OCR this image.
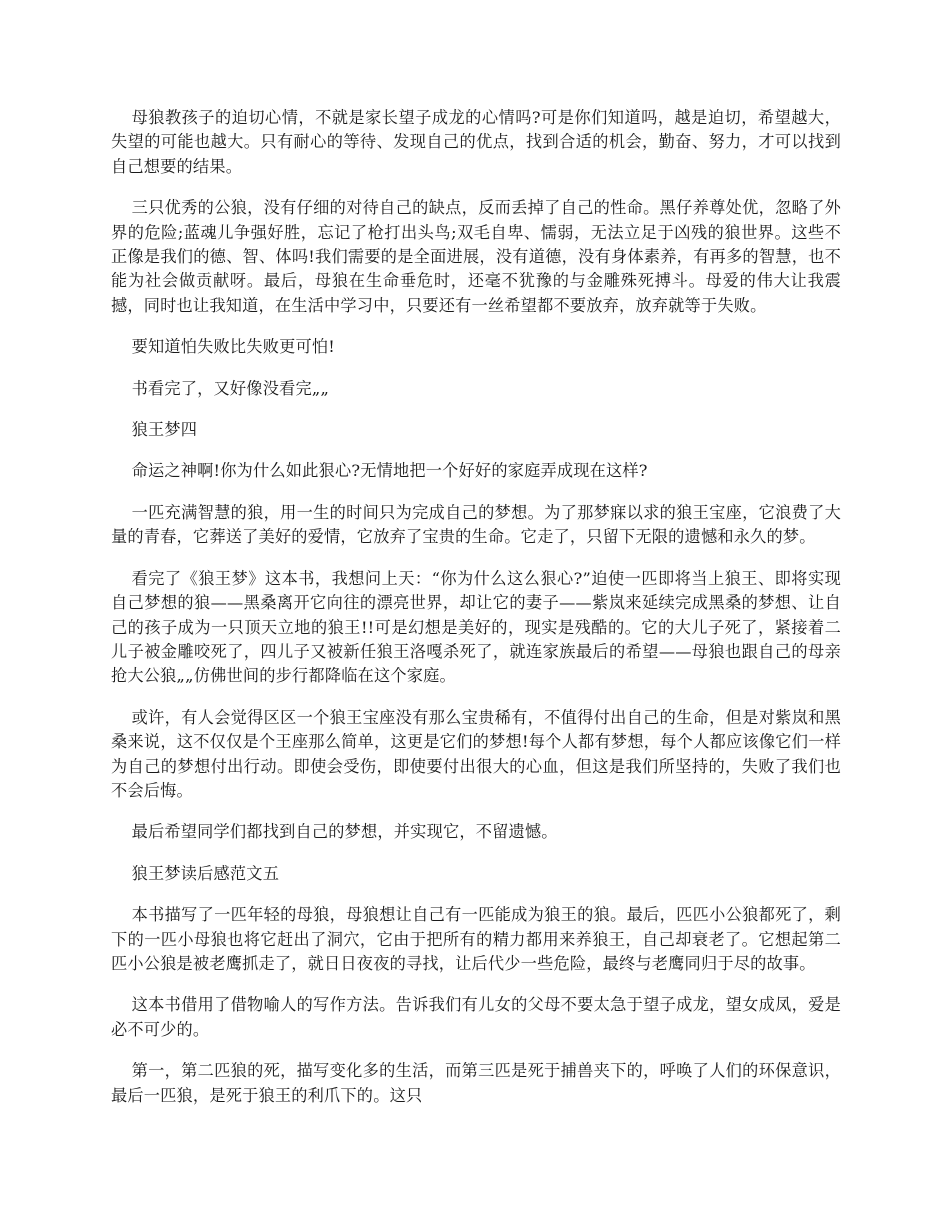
母狼教孩子的迫切心情，不就是家长望子成龙的心情吗?可是你们知道吗，越是迫切，希望越大，失望的可能也越大。只有耐心的等待、发现自己的优点，找到合适的机会，勤奋、努力，才可以找到自己想要的结果。

三只优秀的公狼，没有仔细的对待自己的缺点，反而丢掉了自己的性命。黑仔养尊处优，忽略了外界的危险;蓝魂儿争强好胜，忘记了枪打出头鸟;双毛自卑、懦弱，无法立足于凶残的狼世界。这些不正像是我们的德、智、体吗!我们需要的是全面进展，没有道德，没有身体素养，有再多的智慧，也不能为社会做贡献呀。最后，母狼在生命垂危时，还毫不犹豫的与金雕殊死搏斗。母爱的伟大让我震撼，同时也让我知道，在生活中学习中，只要还有一丝希望都不要放弃，放弃就等于失败。

要知道怕失败比失败更可怕!

书看完了，又好像没看完„„

狼王梦四

命运之神啊!你为什么如此狠心?无情地把一个好好的家庭弄成现在这样?

一匹充满智慧的狼，用一生的时间只为完成自己的梦想。为了那梦寐以求的狼王宝座，它浪费了大量的青春，它葬送了美好的爱情，它放弃了宝贵的生命。它走了，只留下无限的遗憾和永久的梦。

看完了《狼王梦》这本书，我想问上天：“你为什么这么狠心?”迫使一匹即将当上狼王、即将实现自己梦想的狼——黑桑离开它向往的漂亮世界，却让它的妻子——紫岚来延续完成黑桑的梦想、让自己的孩子成为一只顶天立地的狼王!!可是幻想是美好的，现实是残酷的。它的大儿子死了，紧接着二儿子被金雕咬死了，四儿子又被新任狼王洛嘎杀死了，就连家族最后的希望——母狼也跟自己的母亲抢大公狼„„仿佛世间的步行都降临在这个家庭。

或许，有人会觉得区区一个狼王宝座没有那么宝贵稀有，不值得付出自己的生命，但是对紫岚和黑桑来说，这不仅仅是个王座那么简单，这更是它们的梦想!每个人都有梦想，每个人都应该像它们一样为自己的梦想付出行动。即使会受伤，即使要付出很大的心血，但这是我们所坚持的，失败了我们也不会后悔。

最后希望同学们都找到自己的梦想，并实现它，不留遗憾。

狼王梦读后感范文五

本书描写了一匹年轻的母狼，母狼想让自己有一匹能成为狼王的狼。最后，匹匹小公狼都死了，剩下的一匹小母狼也将它赶出了洞穴，它由于把所有的精力都用来养狼王，自己却衰老了。它想起第二匹小公狼是被老鹰抓走了，就日日夜夜的寻找，让后代少一些危险，最终与老鹰同归于尽的故事。

这本书借用了借物喻人的写作方法。告诉我们有儿女的父母不要太急于望子成龙，望女成凤，爱是必不可少的。

第一，第二匹狼的死，描写变化多的生活，而第三匹是死于捕兽夹下的，呼唤了人们的环保意识，最后一匹狼，是死于狼王的利爪下的。这只
